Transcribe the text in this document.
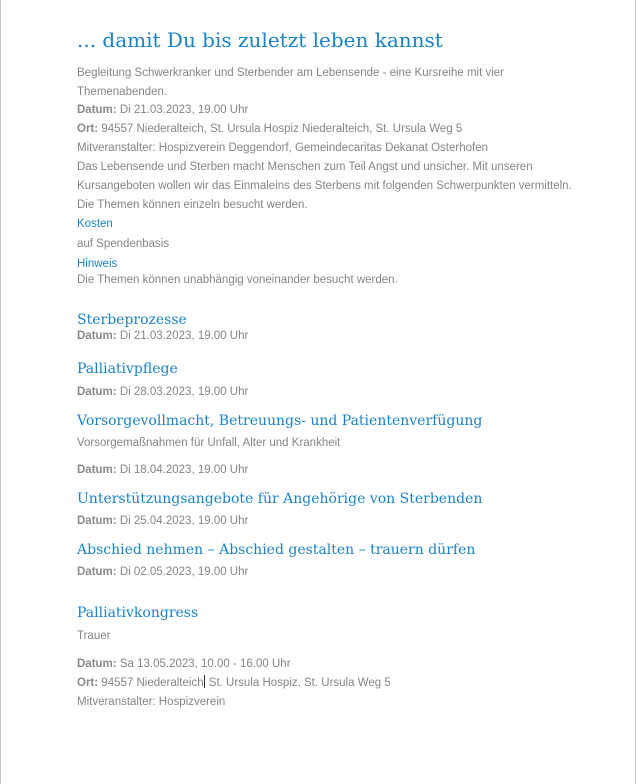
... damit Du bis zuletzt leben kannst

Begleitung Schwerkranker und Sterbender am Lebensende - eine Kursreihe mit vier Themenabenden.

Datum: Di 21.03.2023, 19.00 Uhr

Ort: 94557 Niederalteich, St. Ursula Hospiz Niederalteich, St. Ursula Weg 5

Mitveranstalter: Hospizverein Deggendorf, Gemeindecaritas Dekanat Osterhofen

Das Lebensende und Sterben macht Menschen zum Teil Angst und unsicher. Mit unseren Kursangeboten wollen wir das Einmaleins des Sterbens mit folgenden Schwerpunkten vermitteln.

Die Themen können einzeln besucht werden.

Kosten

auf Spendenbasis

Hinweis

Die Themen können unabhängig voneinander besucht werden.

Sterbeprozesse

Datum: Di 21.03.2023, 19.00 Uhr

Palliativpflege

Datum: Di 28.03.2023, 19.00 Uhr

Vorsorgevollmacht, Betreuungs- und Patientenverfügung

Vorsorgemaßnahmen für Unfall, Alter und Krankheit

Datum: Di 18.04.2023, 19.00 Uhr

Unterstützungsangebote für Angehörige von Sterbenden

Datum: Di 25.04.2023, 19.00 Uhr

Abschied nehmen – Abschied gestalten – trauern dürfen

Datum: Di 02.05.2023, 19.00 Uhr

Palliativkongress

Trauer

Datum: Sa 13.05.2023, 10.00 - 16.00 Uhr

Ort: 94557 Niederalteich St. Ursula Hospiz, St. Ursula Weg 5

Mitveranstalter: Hospizverein
